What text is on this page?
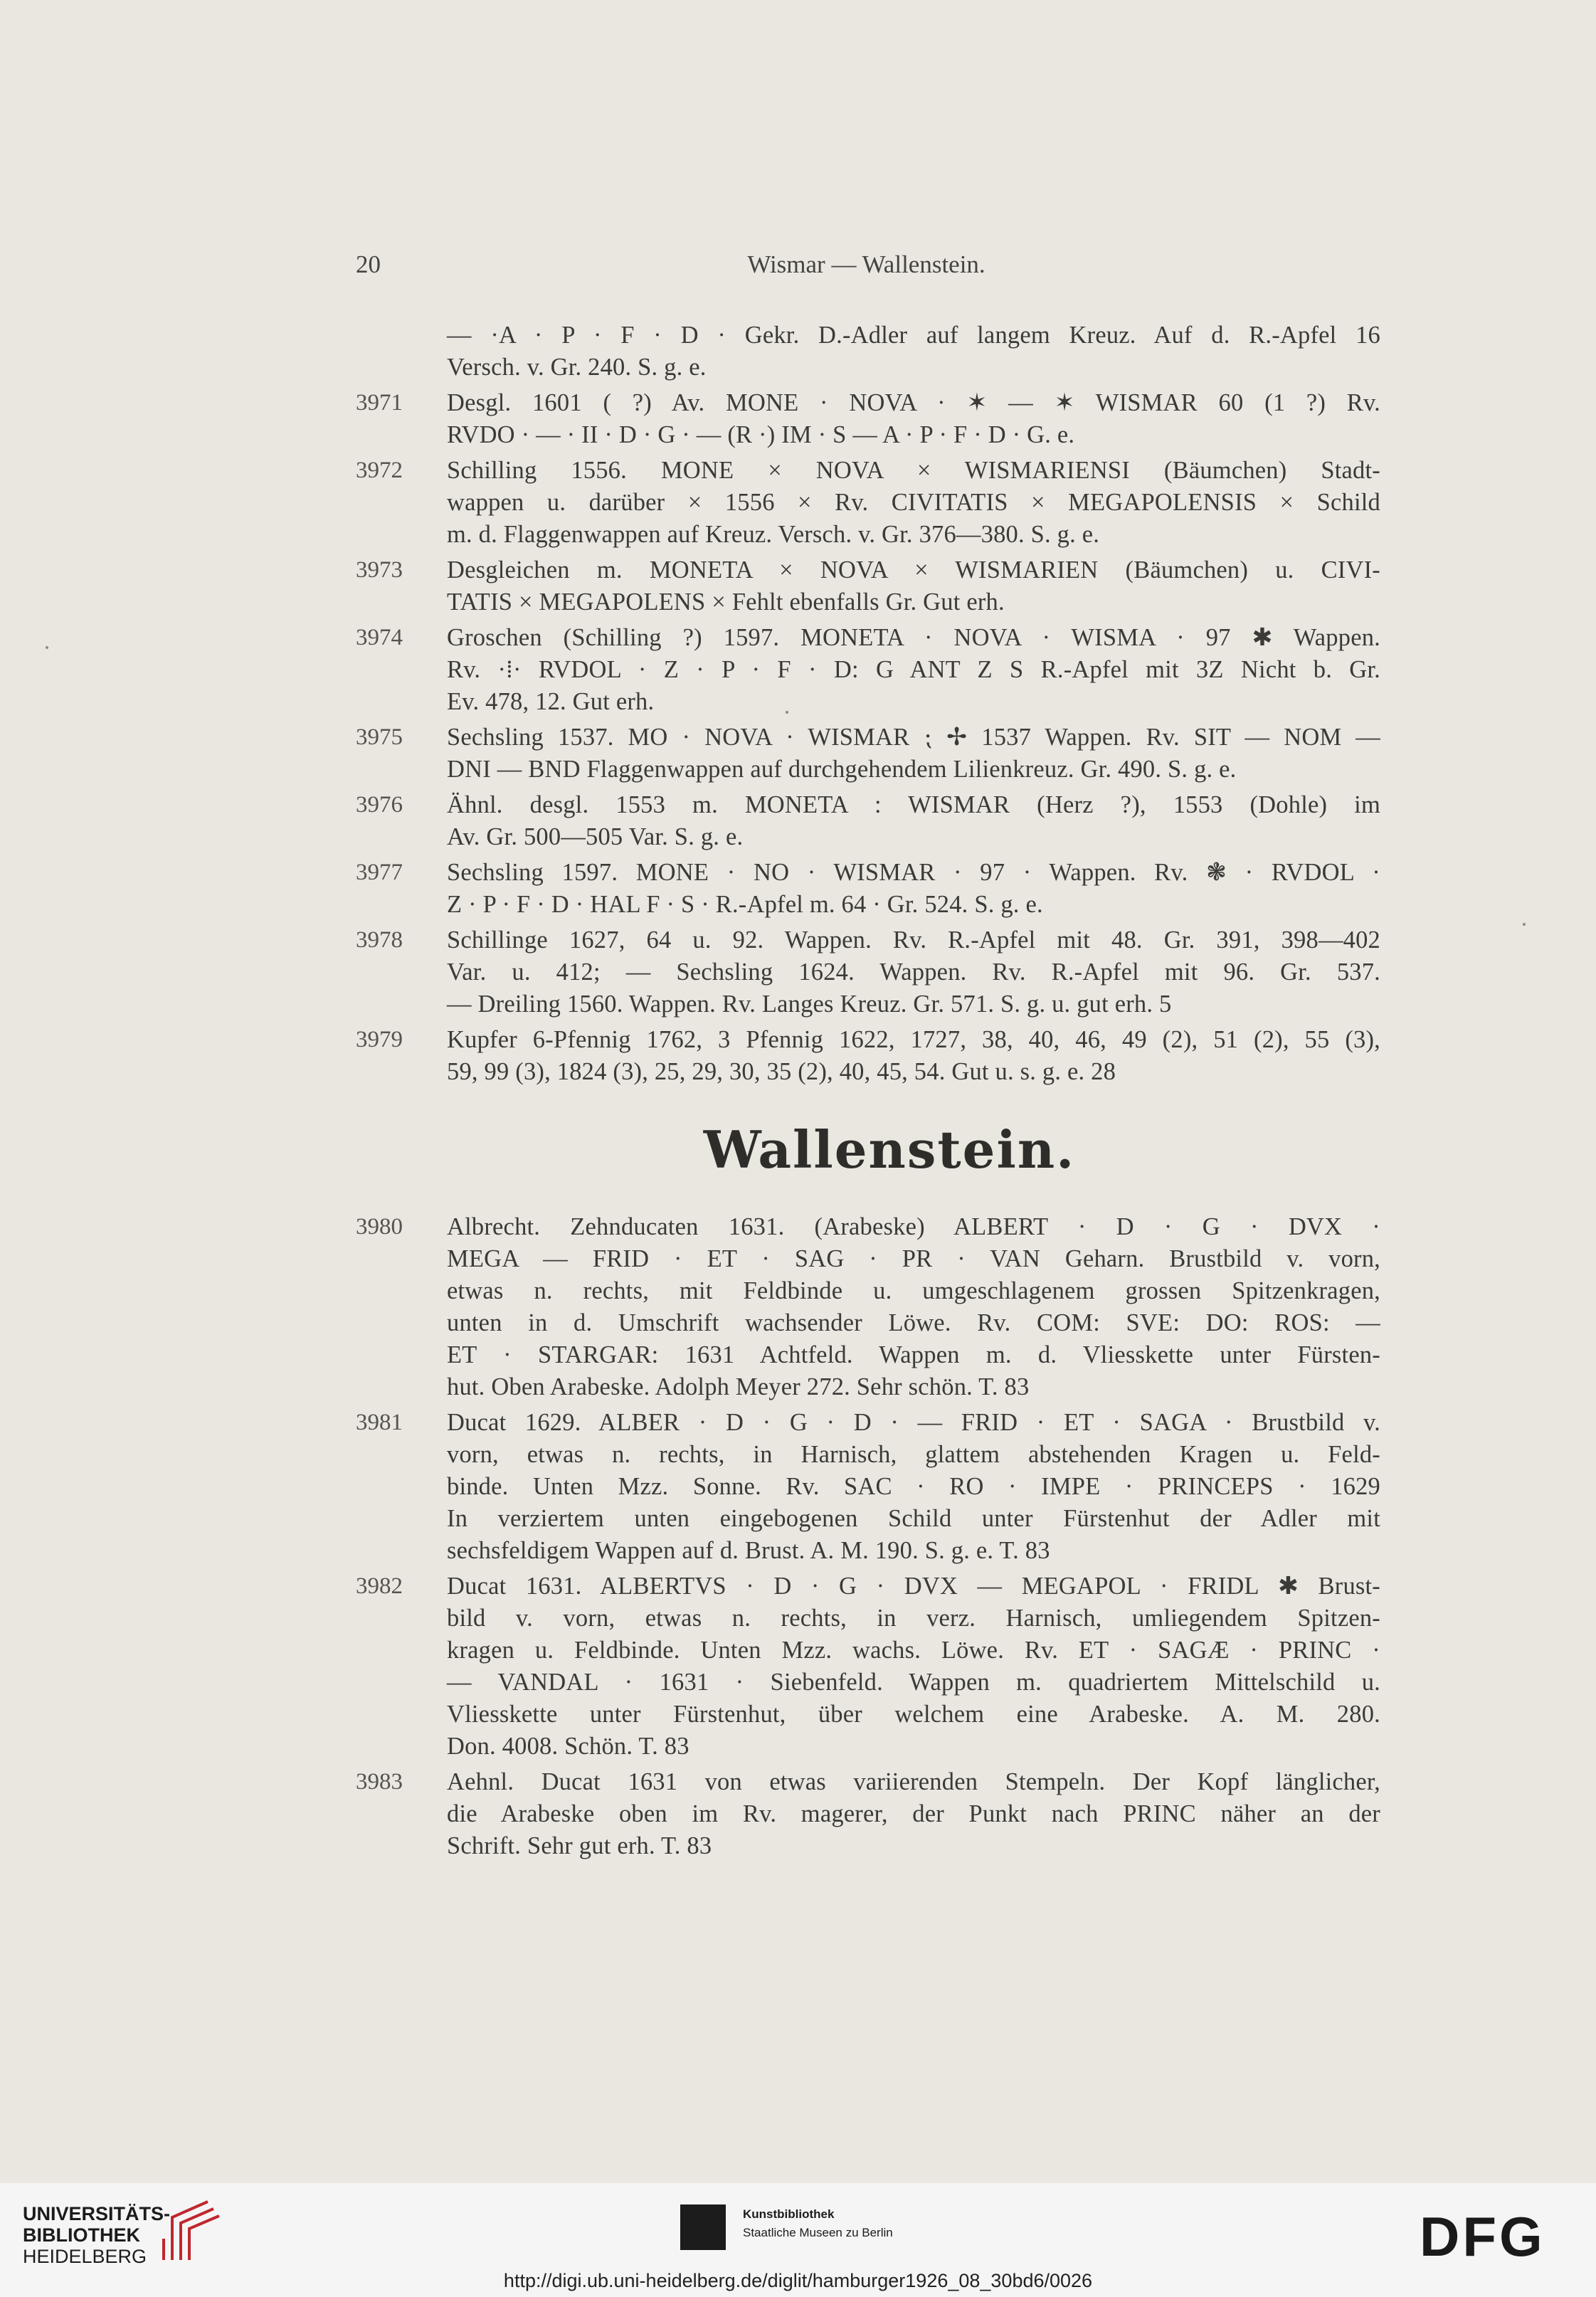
20	Wismar — Wallenstein.
— ·A · P · F · D · Gekr. D.-Adler auf langem Kreuz. Auf d. R.-Apfel 16
Versch. v. Gr. 240. S. g. e.
3971 Desgl. 1601 ( ?) Av. MONE · NOVA · ✶ — ✶ WISMAR 60 (1 ?) Rv.
RVDO · — · II · D · G · — (R ·) IM · S — A · P · F · D · G. e.
3972 Schilling 1556. MONE × NOVA × WISMARIENSI (Bäumchen) Stadt-
wappen u. darüber × 1556 × Rv. CIVITATIS × MEGAPOLENSIS × Schild
m. d. Flaggenwappen auf Kreuz. Versch. v. Gr. 376—380. S. g. e.
3973 Desgleichen m. MONETA × NOVA × WISMARIEN (Bäumchen) u. CIVI-
TATIS × MEGAPOLENS × Fehlt ebenfalls Gr. Gut erh.
3974 Groschen (Schilling ?) 1597. MONETA · NOVA · WISMA · 97 ✱ Wappen.
Rv. ·⁞· RVDOL · Z · P · F · D: G ANT Z S R.-Apfel mit 3Z Nicht b. Gr.
Ev. 478, 12. Gut erh.
3975 Sechsling 1537. MO · NOVA · WISMAR ⁏ ✢ 1537 Wappen. Rv. SIT — NOM —
DNI — BND Flaggenwappen auf durchgehendem Lilienkreuz. Gr. 490. S. g. e.
3976 Ähnl. desgl. 1553 m. MONETA : WISMAR (Herz ?), 1553 (Dohle) im
Av. Gr. 500—505 Var. S. g. e.
3977 Sechsling 1597. MONE · NO · WISMAR · 97 · Wappen. Rv. ❃ · RVDOL ·
Z · P · F · D · HAL F · S · R.-Apfel m. 64 · Gr. 524. S. g. e.
3978 Schillinge 1627, 64 u. 92. Wappen. Rv. R.-Apfel mit 48. Gr. 391, 398—402
Var. u. 412; — Sechsling 1624. Wappen. Rv. R.-Apfel mit 96. Gr. 537.
— Dreiling 1560. Wappen. Rv. Langes Kreuz. Gr. 571. S. g. u. gut erh. 5
3979 Kupfer 6-Pfennig 1762, 3 Pfennig 1622, 1727, 38, 40, 46, 49 (2), 51 (2), 55 (3),
59, 99 (3), 1824 (3), 25, 29, 30, 35 (2), 40, 45, 54. Gut u. s. g. e. 28
Wallenstein.
3980 Albrecht. Zehnducaten 1631. (Arabeske) ALBERT · D · G · DVX ·
MEGA — FRID · ET · SAG · PR · VAN Geharn. Brustbild v. vorn,
etwas n. rechts, mit Feldbinde u. umgeschlagenem grossen Spitzenkragen,
unten in d. Umschrift wachsender Löwe. Rv. COM: SVE: DO: ROS: —
ET · STARGAR: 1631 Achtfeld. Wappen m. d. Vliesskette unter Fürsten-
hut. Oben Arabeske. Adolph Meyer 272. Sehr schön. T. 83
3981 Ducat 1629. ALBER · D · G · D · — FRID · ET · SAGA · Brustbild v.
vorn, etwas n. rechts, in Harnisch, glattem abstehenden Kragen u. Feld-
binde. Unten Mzz. Sonne. Rv. SAC · RO · IMPE · PRINCEPS · 1629
In verziertem unten eingebogenen Schild unter Fürstenhut der Adler mit
sechsfeldigem Wappen auf d. Brust. A. M. 190. S. g. e. T. 83
3982 Ducat 1631. ALBERTVS · D · G · DVX — MEGAPOL · FRIDL ✱ Brust-
bild v. vorn, etwas n. rechts, in verz. Harnisch, umliegendem Spitzen-
kragen u. Feldbinde. Unten Mzz. wachs. Löwe. Rv. ET · SAGÆ · PRINC ·
— VANDAL · 1631 · Siebenfeld. Wappen m. quadriertem Mittelschild u.
Vliesskette unter Fürstenhut, über welchem eine Arabeske. A. M. 280.
Don. 4008. Schön. T. 83
3983 Aehnl. Ducat 1631 von etwas variierenden Stempeln. Der Kopf länglicher,
die Arabeske oben im Rv. magerer, der Punkt nach PRINC näher an der
Schrift. Sehr gut erh. T. 83
UNIVERSITÄTS-
BIBLIOTHEK
HEIDELBERG
Kunstbibliothek
Staatliche Museen zu Berlin	DFG
http://digi.ub.uni-heidelberg.de/diglit/hamburger1926_08_30bd6/0026
